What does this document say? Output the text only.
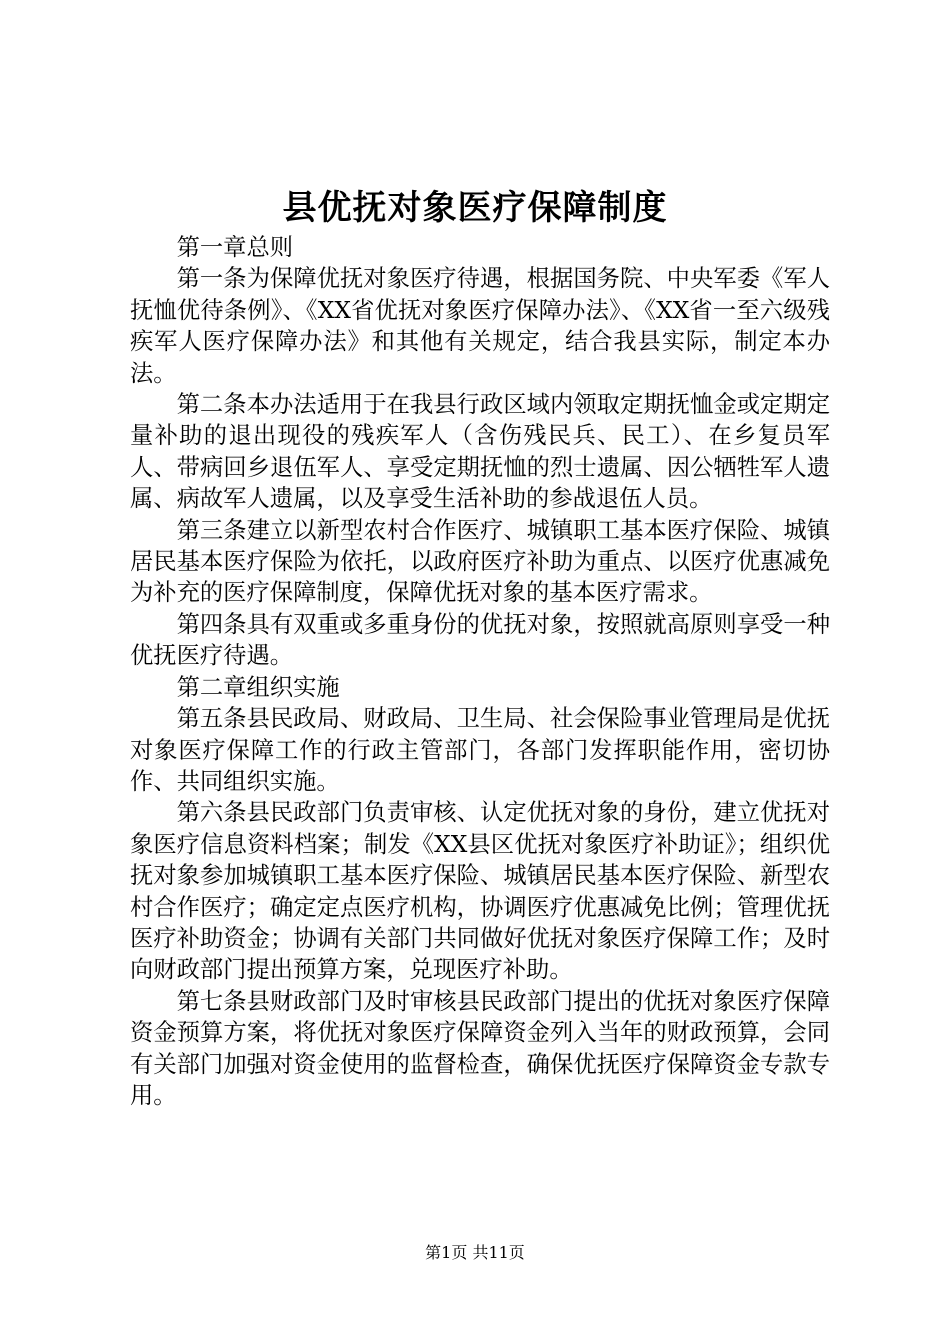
县优抚对象医疗保障制度

第一章总则

第一条为保障优抚对象医疗待遇，根据国务院、中央军委《军人抚恤优待条例》、《XX省优抚对象医疗保障办法》、《XX省一至六级残疾军人医疗保障办法》和其他有关规定，结合我县实际，制定本办法。

第二条本办法适用于在我县行政区域内领取定期抚恤金或定期定量补助的退出现役的残疾军人（含伤残民兵、民工）、在乡复员军人、带病回乡退伍军人、享受定期抚恤的烈士遗属、因公牺牲军人遗属、病故军人遗属，以及享受生活补助的参战退伍人员。

第三条建立以新型农村合作医疗、城镇职工基本医疗保险、城镇居民基本医疗保险为依托，以政府医疗补助为重点、以医疗优惠减免为补充的医疗保障制度，保障优抚对象的基本医疗需求。

第四条具有双重或多重身份的优抚对象，按照就高原则享受一种优抚医疗待遇。

第二章组织实施

第五条县民政局、财政局、卫生局、社会保险事业管理局是优抚对象医疗保障工作的行政主管部门，各部门发挥职能作用，密切协作、共同组织实施。

第六条县民政部门负责审核、认定优抚对象的身份，建立优抚对象医疗信息资料档案；制发《XX县区优抚对象医疗补助证》；组织优抚对象参加城镇职工基本医疗保险、城镇居民基本医疗保险、新型农村合作医疗；确定定点医疗机构，协调医疗优惠减免比例；管理优抚医疗补助资金；协调有关部门共同做好优抚对象医疗保障工作；及时向财政部门提出预算方案，兑现医疗补助。

第七条县财政部门及时审核县民政部门提出的优抚对象医疗保障资金预算方案，将优抚对象医疗保障资金列入当年的财政预算，会同有关部门加强对资金使用的监督检查，确保优抚医疗保障资金专款专用。

第1页 共11页
